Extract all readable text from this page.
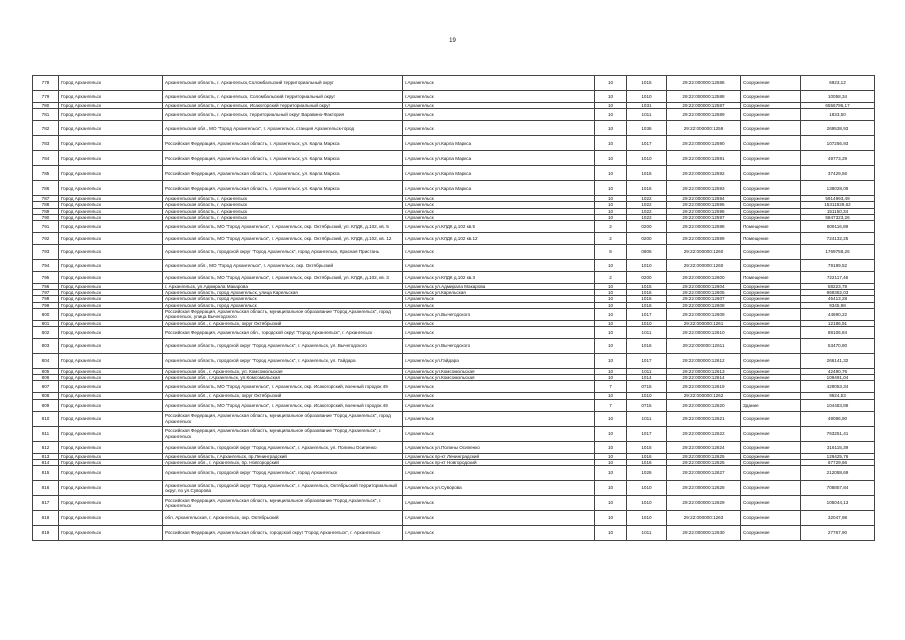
19
778	Город Архангельск	Архангельская область, г. Архангельск,Соломбальский территориальный округ	г.Архангельск	10	1015	29:22:000000:12586	Сооружение	6923,12
779	Город Архангельск	Архангельская область, г. Архангельск, Соломбальский территориальный округ	г.Архангельск	10	1010	29:22:000000:12588	Сооружение	10058,34
780	Город Архангельск	Архангельская область, г. Архангельск, Исакогорский территориальный округ	г.Архангельск	10	1031	29:22:000000:12587	Сооружение	6556795,17
781	Город Архангельск	Архангельская область, г. Архангельск, территориальный округ Варавино-Фактория	г.Архангельск	10	1011	29:22:000000:12589	Сооружение	1833,50
782	Город Архангельск	Архангельская обл., МО "Город Архангельск", г. Архангельск, станция Архангельск-город	г.Архангельск	10	1036	29:22:000000:1259	Сооружение	269538,93
783	Город Архангельск	Российская Федерация, Архангельская область, г. Архангельск, ул. Карла Маркса	г.Архангельск ул.Карла Маркса	10	1017	29:22:000000:12590	Сооружение	107256,93
784	Город Архангельск	Российская Федерация, Архангельская область, г. Архангельск, ул. Карла Маркса	г.Архангельск ул.Карла Маркса	10	1010	29:22:000000:12591	Сооружение	49773,29
785	Город Архангельск	Российская Федерация, Архангельская область, г. Архангельск, ул. Карла Маркса	г.Архангельск ул.Карла Маркса	10	1016	29:22:000000:12592	Сооружение	37429,56
786	Город Архангельск	Российская Федерация, Архангельская область, г. Архангельск, ул. Карла Маркса	г.Архангельск ул.Карла Маркса	10	1016	29:22:000000:12593	Сооружение	139028,08
787	Город Архангельск	Архангельская область, г. Архангельск	г.Архангельск	10	1022	29:22:000000:12594	Сооружение	5914993,49
788	Город Архангельск	Архангельская область, г. Архангельск	г.Архангельск	10	1022	29:22:000000:12595	Сооружение	15311928,62
789	Город Архангельск	Архангельская область, г. Архангельск	г.Архангельск	10	1022	29:22:000000:12596	Сооружение	151150,34
790	Город Архангельск	Архангельская область, г. Архангельск	г.Архангельск	10	1022	29:22:000000:12597	Сооружение	5847323,26
791	Город Архангельск	Архангельская область, МО "Город Архангельск", г. Архангельск, окр. Октябрьский, ул. КЛДК, д.102, кв. 5	г.Архангельск ул.КЛДК д.102 кв.5	2	0200	29:22:000000:12598	Помещение	809116,89
792	Город Архангельск	Архангельская область, МО "Город Архангельск", г. Архангельск, окр. Октябрьский, ул. КЛДК, д.102, кв. 12	г.Архангельск ул.КЛДК д.102 кв.12	2	0200	29:22:000000:12599	Помещение	724132,25
793	Город Архангельск	Архангельская область, городской округ "Город Архангельск", город Архангельск, Красная Пристань	г.Архангельск	8	0805	29:22:000000:1260	Сооружение	1769758,26
794	Город Архангельск	Архангельская обл., МО "Город Архангельск", г. Архангельск, окр. Октябрьский	г.Архангельск	10	1010	29:22:000000:1260	Сооружение	79189,52
795	Город Архангельск	Архангельская область, МО "Город Архангельск", г. Архангельск, окр. Октябрьский, ул. КЛДК, д.102, кв. 3	г.Архангельск ул.КЛДК д.102 кв.3	2	0200	29:22:000000:12600	Помещение	722117,46
796	Город Архангельск	г. Архангельск, ул.Адмирала Макарова	г.Архангельск ул.Адмирала Макарова	10	1015	29:22:000000:12604	Сооружение	58223,78
797	Город Архангельск	Архангельская область, город Архангельск, улица Карельская	г.Архангельск ул.Карельская	10	1016	29:22:000000:12605	Сооружение	969362,03
798	Город Архангельск	Архангельская область, город Архангельск	г.Архангельск	10	1016	29:22:000000:12607	Сооружение	45413,28
799	Город Архангельск	Архангельская область, город Архангельск	г.Архангельск	10	1016	29:22:000000:12608	Сооружение	9345,98
800	Город Архангельск	Российская Федерация, Архангельская область, муниципальное образование "Город Архангельск", город Архангельск, улица Вычегодского	г.Архангельск ул.Вычегодского	10	1017	29:22:000000:12609	Сооружение	44690,22
801	Город Архангельск	Архангельская обл., г. Архангельск, округ Октябрьский	г.Архангельск	10	1010	29:22:000000:1261	Сооружение	12186,91
802	Город Архангельск	Российская Федерация, Архангельская обл., городской округ "Город Архангельск", г. Архангельск	г.Архангельск	10	1011	29:22:000000:12610	Сооружение	88106,84
803	Город Архангельск	Архангельская область, городской округ "Город Архангельск", г. Архангельск, ул. Вычегодского	г.Архангельск ул.Вычегодского	10	1016	29:22:000000:12611	Сооружение	53470,80
804	Город Архангельск	Архангельская область, городской округ "Город Архангельск", г. Архангельск, ул. Гайдара	г.Архангельск ул.Гайдара	10	1017	29:22:000000:12612	Сооружение	266141,32
805	Город Архангельск	Архангельская обл., г. Архангельск, ул. Комсомольская	г.Архангельск ул.Комсомольская	10	1011	29:22:000000:12613	Сооружение	42490,76
806	Город Архангельск	Архангельская обл., г.Архангельск, ул.Комсомольская	г.Архангельск ул.Комсомольская	10	1014	29:22:000000:12614	Сооружение	109491,04
807	Город Архангельск	Архангельская область, МО "Город Архангельск", г. Архангельск, окр. Исакогорский, военный городок 49	г.Архангельск	7	0715	29:22:000000:12619	Сооружение	429053,34
808	Город Архангельск	Архангельская обл., г. Архангельск, округ Октябрьский	г.Архангельск	10	1010	29:22:000000:1262	Сооружение	9924,53
809	Город Архангельск	Архангельская область, МО "Город Архангельск", г. Архангельск, окр. Исакогорский, военный городок 49	г.Архангельск	7	0715	29:22:000000:12620	Здание	104483,89
810	Город Архангельск	Российская Федерация, Архангельская область, муниципальное образование "Город Архангельск", город Архангельск	г.Архангельск	10	1011	29:22:000000:12621	Сооружение	49086,90
811	Город Архангельск	Российская Федерация, Архангельская область, муниципальное образование "Город Архангельск", г. Архангельск	г.Архангельск	10	1017	29:22:000000:12622	Сооружение	763251,41
812	Город Архангельск	Архангельская область, городской округ "Город Архангельск", г. Архангельск, ул. Полины Осипенко	г.Архангельск ул.Полины Осипенко	10	1015	29:22:000000:12624	Сооружение	316115,39
813	Город Архангельск	Архангельская область, г.Архангельск, пр.Ленинградский	г.Архангельск пр-кт Ленинградский	10	1016	29:22:000000:12625	Сооружение	129425,76
814	Город Архангельск	Архангельская обл., г. Архангельск, пр. Новгородский	г.Архангельск пр-кт Новгородский	10	1016	29:22:000000:12626	Сооружение	67729,66
815	Город Архангельск	Архангельская область, городской округ "Город Архангельск", город Архангельск	г.Архангельск	10	1026	29:22:000000:12627	Сооружение	212088,69
816	Город Архангельск	Архангельская область, городской округ "Город Архангельск", г. Архангельск, Октябрьский территориальный округ, по ул.Суворова	г.Архангельск ул.Суворова	10	1010	29:22:000000:12628	Сооружение	708857,84
817	Город Архангельск	Российская Федерация, Архангельская область, муниципальное образование "Город Архангельск", г. Архангельск	г.Архангельск	10	1010	29:22:000000:12629	Сооружение	105044,13
818	Город Архангельск	обл. Архангельская, г. Архангельск, окр. Октябрьский	г.Архангельск	10	1010	29:22:000000:1263	Сооружение	32047,98
819	Город Архангельск	Российская Федерация, Архангельская область, городской округ "Город Архангельск", г. Архангельск	г.Архангельск	10	1011	29:22:000000:12630	Сооружение	27767,90
